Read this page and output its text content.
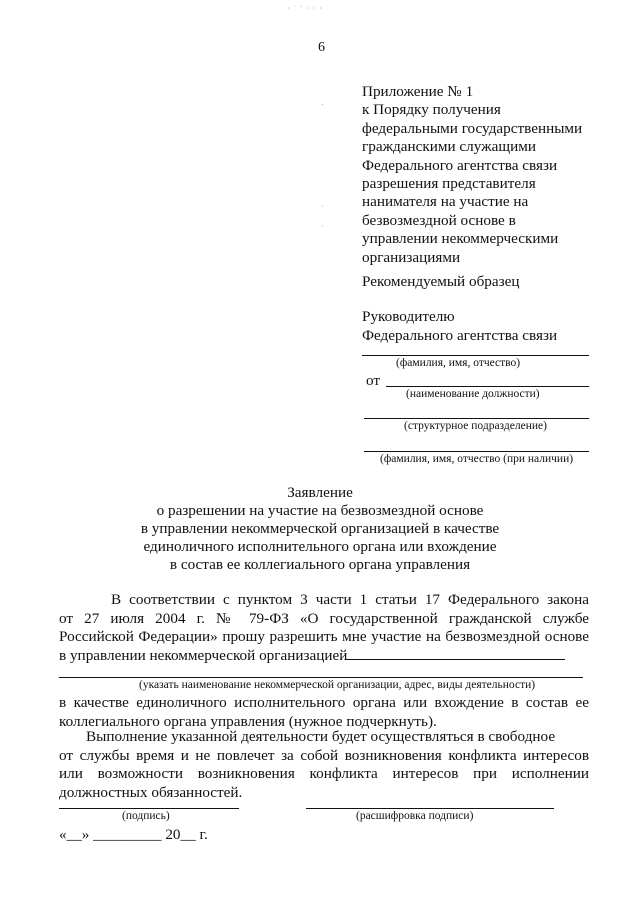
· ˙ ' · · ·
6
-
·
·
Приложение № 1
к Порядку получения
федеральными государственными
гражданскими служащими
Федерального агентства связи
разрешения представителя
нанимателя на участие на
безвозмездной основе в
управлении некоммерческими
организациями
Рекомендуемый образец
Руководителю
Федерального агентства связи
(фамилия, имя, отчество)
от
(наименование должности)
(структурное подразделение)
(фамилия, имя, отчество (при наличии)
Заявление
о разрешении на участие на безвозмездной основе
в управлении некоммерческой организацией в качестве
единоличного исполнительного органа или вхождение
в состав ее коллегиального органа управления
В соответствии с пунктом 3 части 1 статьи 17 Федерального закона
от 27 июля 2004 г. № 79-ФЗ «О государственной гражданской службе
Российской Федерации» прошу разрешить мне участие на безвозмездной основе
в управлении некоммерческой организацией
(указать наименование некоммерческой организации, адрес, виды деятельности)
в качестве единоличного исполнительного органа или вхождение в состав ее
коллегиального органа управления (нужное подчеркнуть).
Выполнение указанной деятельности будет осуществляться в свободное
от службы время и не повлечет за собой возникновения конфликта интересов
или возможности возникновения конфликта интересов при исполнении
должностных обязанностей.
(подпись)	(расшифровка подписи)
«__» _________ 20__ г.
